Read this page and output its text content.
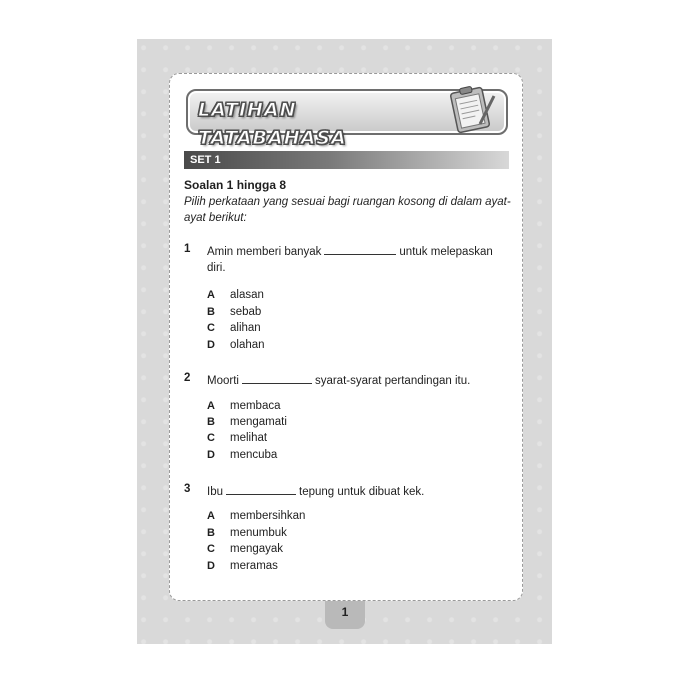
LATIHAN TATABAHASA
SET 1
Soalan 1 hingga 8
Pilih perkataan yang sesuai bagi ruangan kosong di dalam ayat-ayat berikut:
1 Amin memberi banyak	untuk melepaskan
diri.
A alasan
B sebab
C alihan
D olahan
2 Moorti	syarat-syarat pertandingan itu.
A membaca
B mengamati
C melihat
D mencuba
3 Ibu	tepung untuk dibuat kek.
A membersihkan
B menumbuk
C mengayak
D meramas
1
